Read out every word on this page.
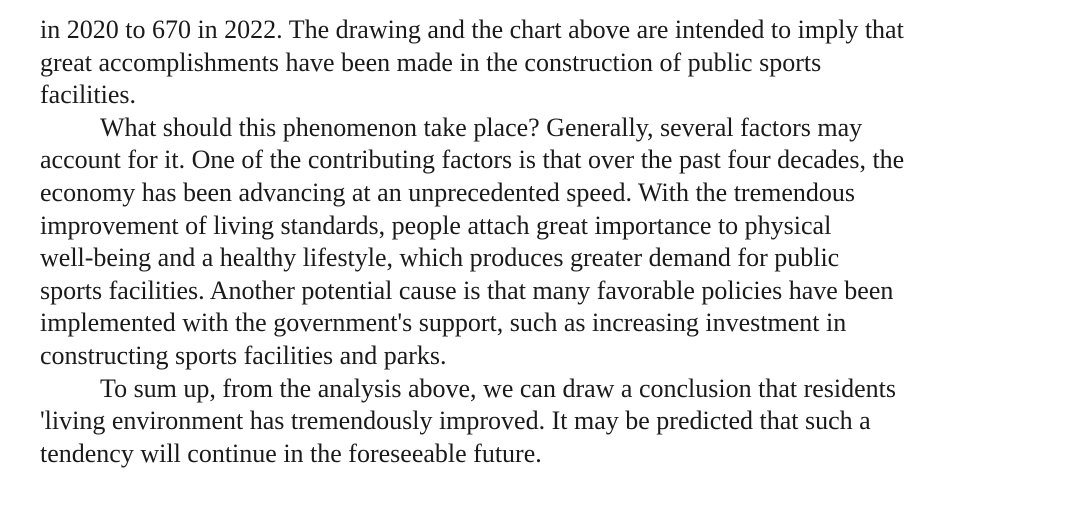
in 2020 to 670 in 2022. The drawing and the chart above are intended to imply that
great accomplishments have been made in the construction of public sports
facilities.

What should this phenomenon take place? Generally, several factors may
account for it. One of the contributing factors is that over the past four decades, the
economy has been advancing at an unprecedented speed. With the tremendous
improvement of living standards, people attach great importance to physical
well-being and a healthy lifestyle, which produces greater demand for public
sports facilities. Another potential cause is that many favorable policies have been
implemented with the government's support, such as increasing investment in
constructing sports facilities and parks.

To sum up, from the analysis above, we can draw a conclusion that residents
'living environment has tremendously improved. It may be predicted that such a
tendency will continue in the foreseeable future.
